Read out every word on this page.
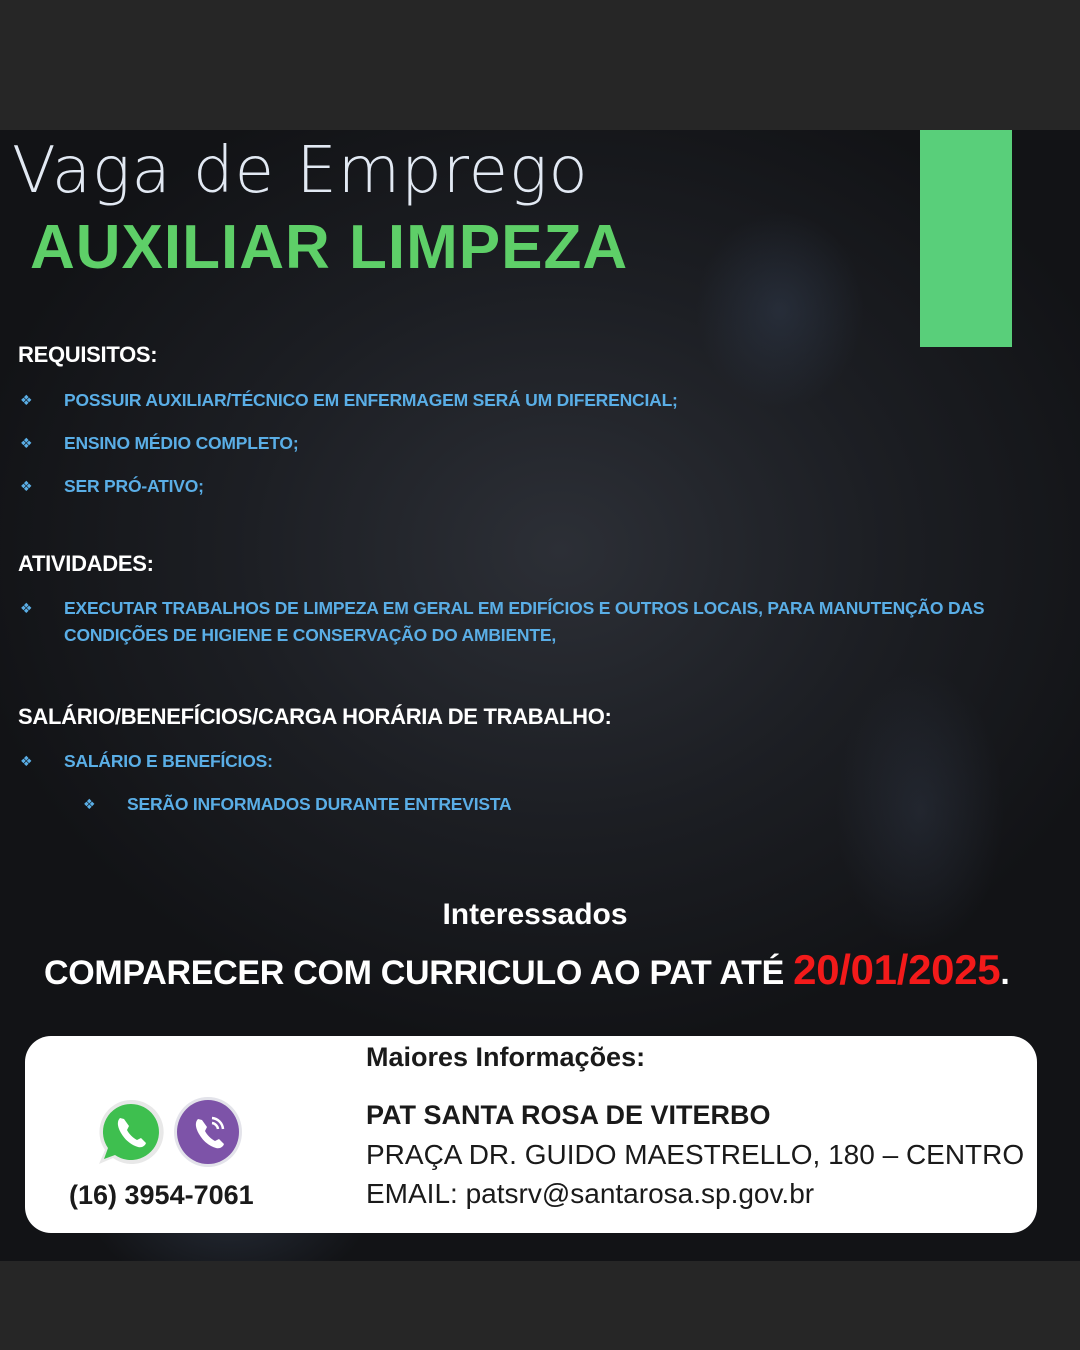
Vaga de Emprego
AUXILIAR LIMPEZA
REQUISITOS:
❖ POSSUIR AUXILIAR/TÉCNICO EM ENFERMAGEM SERÁ UM DIFERENCIAL;
❖ ENSINO MÉDIO COMPLETO;
❖ SER PRÓ-ATIVO;
ATIVIDADES:
❖ EXECUTAR TRABALHOS DE LIMPEZA EM GERAL EM EDIFÍCIOS E OUTROS LOCAIS, PARA MANUTENÇÃO DAS CONDIÇÕES DE HIGIENE E CONSERVAÇÃO DO AMBIENTE,
SALÁRIO/BENEFÍCIOS/CARGA HORÁRIA DE TRABALHO:
❖ SALÁRIO E BENEFÍCIOS:
❖ SERÃO INFORMADOS DURANTE ENTREVISTA
Interessados
COMPARECER COM CURRICULO AO PAT ATÉ 20/01/2025.
(16) 3954-7061
Maiores Informações:
PAT SANTA ROSA DE VITERBO
PRAÇA DR. GUIDO MAESTRELLO, 180 – CENTRO
EMAIL: patsrv@santarosa.sp.gov.br
